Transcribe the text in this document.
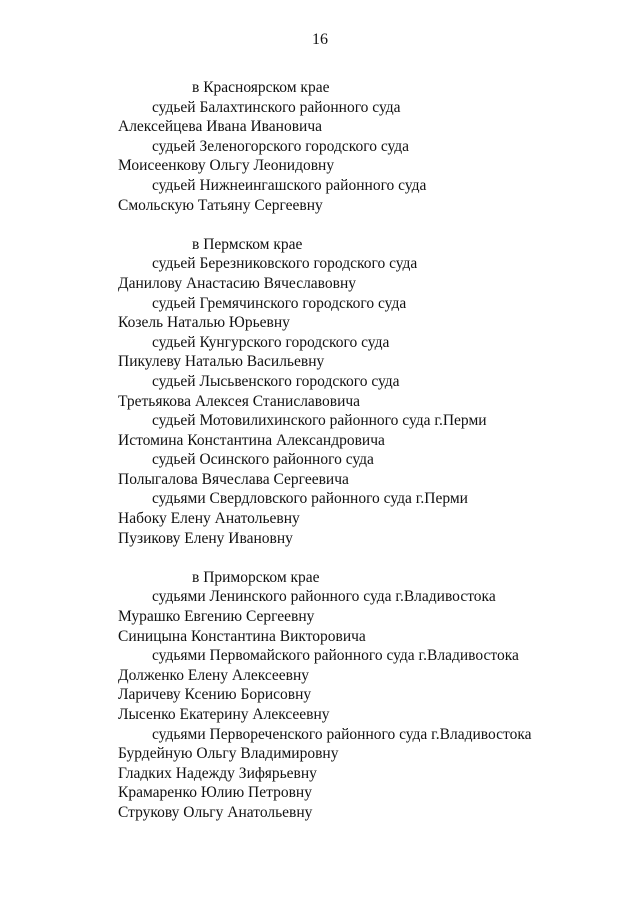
16
в Красноярском крае
судьей Балахтинского районного суда
Алексейцева Ивана Ивановича
судьей Зеленогорского городского суда
Моисеенкову Ольгу Леонидовну
судьей Нижнеингашского районного суда
Смольскую Татьяну Сергеевну
в Пермском крае
судьей Березниковского городского суда
Данилову Анастасию Вячеславовну
судьей Гремячинского городского суда
Козель Наталью Юрьевну
судьей Кунгурского городского суда
Пикулеву Наталью Васильевну
судьей Лысьвенского городского суда
Третьякова Алексея Станиславовича
судьей Мотовилихинского районного суда г.Перми
Истомина Константина Александровича
судьей Осинского районного суда
Полыгалова Вячеслава Сергеевича
судьями Свердловского районного суда г.Перми
Набоку Елену Анатольевну
Пузикову Елену Ивановну
в Приморском крае
судьями Ленинского районного суда г.Владивостока
Мурашко Евгению Сергеевну
Синицына Константина Викторовича
судьями Первомайского районного суда г.Владивостока
Долженко Елену Алексеевну
Ларичеву Ксению Борисовну
Лысенко Екатерину Алексеевну
судьями Первореченского районного суда г.Владивостока
Бурдейную Ольгу Владимировну
Гладких Надежду Зифярьевну
Крамаренко Юлию Петровну
Струкову Ольгу Анатольевну
